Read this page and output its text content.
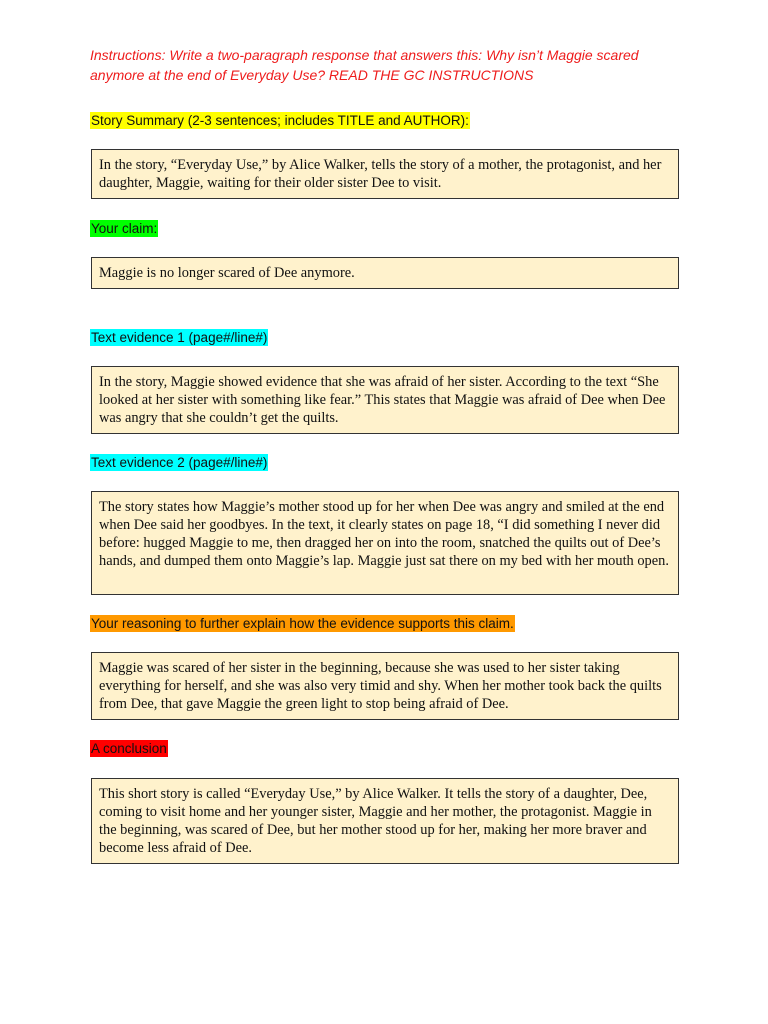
Instructions: Write a two-paragraph response that answers this: Why isn’t Maggie scared anymore at the end of Everyday Use? READ THE GC INSTRUCTIONS

Story Summary (2-3 sentences; includes TITLE and AUTHOR):
In the story, “Everyday Use,” by Alice Walker, tells the story of a mother, the protagonist, and her daughter, Maggie, waiting for their older sister Dee to visit.
Your claim:
Maggie is no longer scared of Dee anymore.
Text evidence 1 (page#/line#)
In the story, Maggie showed evidence that she was afraid of her sister. According to the text “She looked at her sister with something like fear.” This states that Maggie was afraid of Dee when Dee was angry that she couldn’t get the quilts.
Text evidence 2 (page#/line#)
The story states how Maggie’s mother stood up for her when Dee was angry and smiled at the end when Dee said her goodbyes. In the text, it clearly states on page 18, “I did something I never did before: hugged Maggie to me, then dragged her on into the room, snatched the quilts out of Dee’s hands, and dumped them onto Maggie’s lap. Maggie just sat there on my bed with her mouth open.
Your reasoning to further explain how the evidence supports this claim.
Maggie was scared of her sister in the beginning, because she was used to her sister taking everything for herself, and she was also very timid and shy. When her mother took back the quilts from Dee, that gave Maggie the green light to stop being afraid of Dee.
A conclusion
This short story is called “Everyday Use,” by Alice Walker. It tells the story of a daughter, Dee, coming to visit home and her younger sister, Maggie and her mother, the protagonist. Maggie in the beginning, was scared of Dee, but her mother stood up for her, making her more braver and become less afraid of Dee.
